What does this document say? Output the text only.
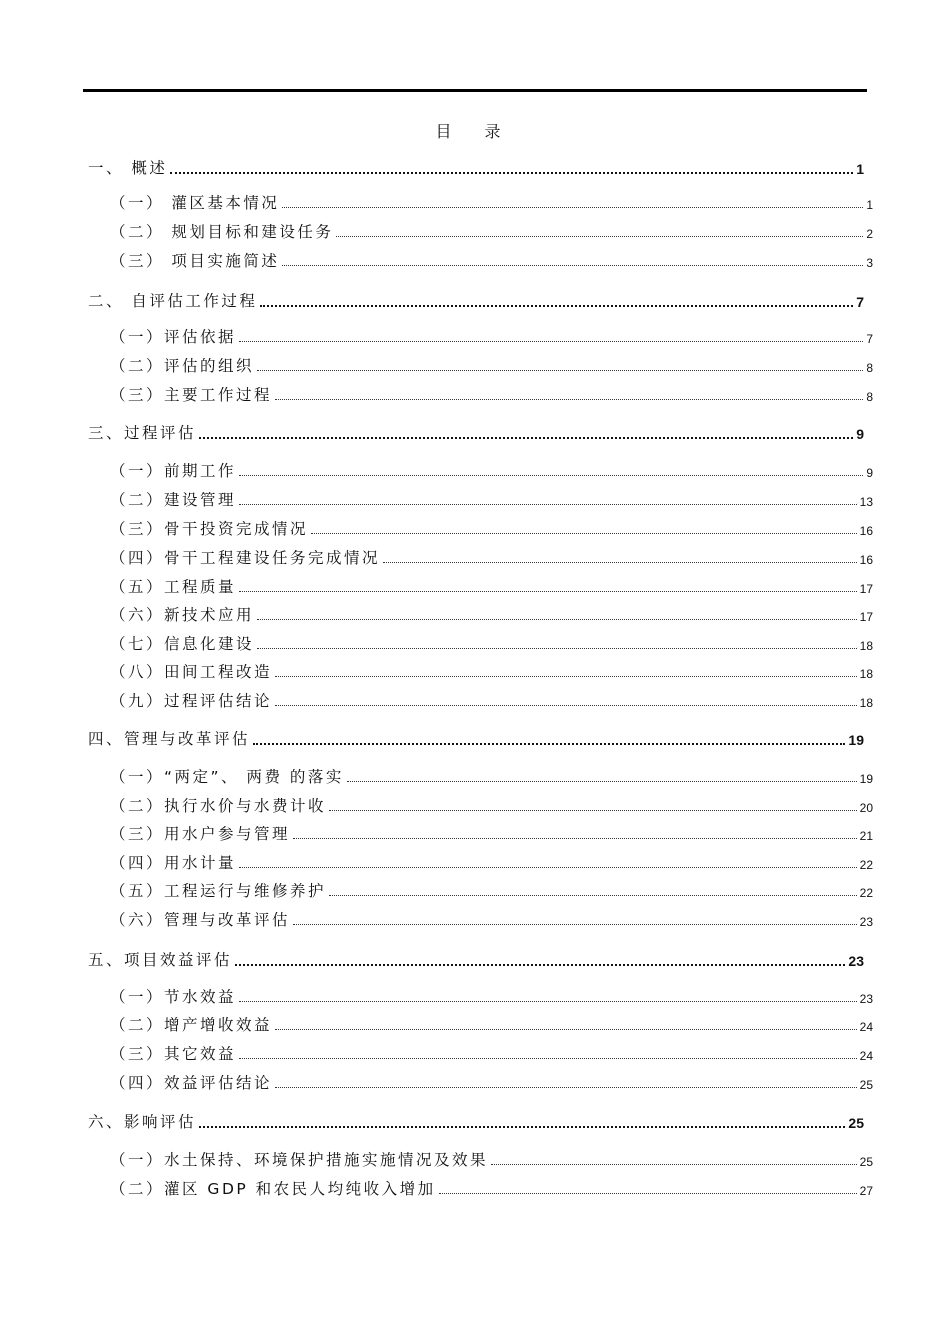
目 录
一、 概述	1
（一） 灌区基本情况	1
（二） 规划目标和建设任务	2
（三） 项目实施简述	3
二、 自评估工作过程	7
（一）评估依据	7
（二）评估的组织	8
（三）主要工作过程	8
三、过程评估	9
（一）前期工作	9
（二）建设管理	13
（三）骨干投资完成情况	16
（四）骨干工程建设任务完成情况	16
（五）工程质量	17
（六）新技术应用	17
（七）信息化建设	18
（八）田间工程改造	18
（九）过程评估结论	18
四、管理与改革评估	19
（一）“两定”、 两费 的落实	19
（二）执行水价与水费计收	20
（三）用水户参与管理	21
（四）用水计量	22
（五）工程运行与维修养护	22
（六）管理与改革评估	23
五、项目效益评估	23
（一）节水效益	23
（二）增产增收效益	24
（三）其它效益	24
（四）效益评估结论	25
六、影响评估	25
（一）水土保持、环境保护措施实施情况及效果	25
（二）灌区 GDP 和农民人均纯收入增加	27
